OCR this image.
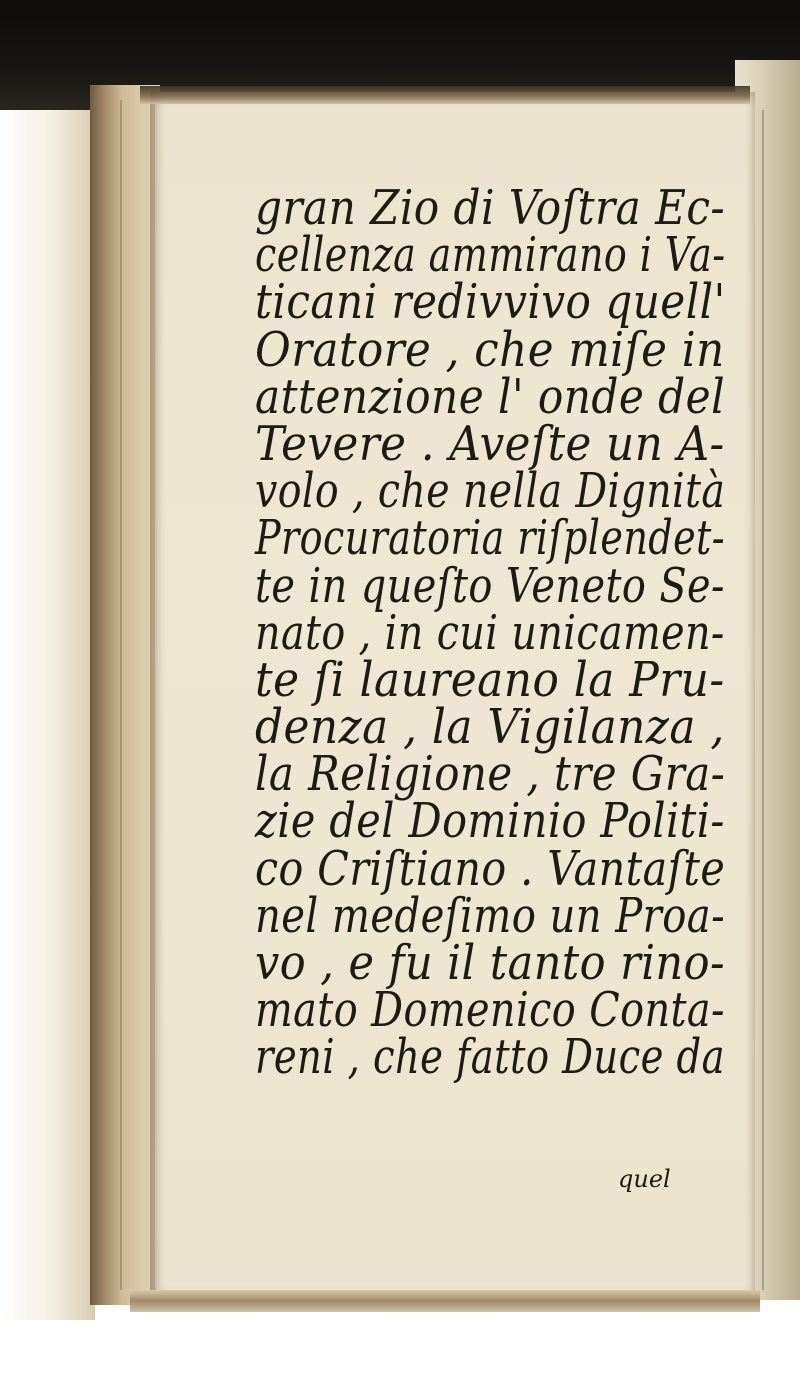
gran Zio di Voſtra Ec-
cellenza ammirano i Va-
ticani redivvivo quell'
Oratore , che miſe in
attenzione l' onde del
Tevere . Aveſte un A-
volo , che nella Dignità
Procuratoria riſplendet-
te in queſto Veneto Se-
nato , in cui unicamen-
te ſi laureano la Pru-
denza , la Vigilanza ,
la Religione , tre Gra-
zie del Dominio Politi-
co Criſtiano . Vantaſte
nel medeſimo un Proa-
vo , e fu il tanto rino-
mato Domenico Conta-
reni , che fatto Duce da
quel
